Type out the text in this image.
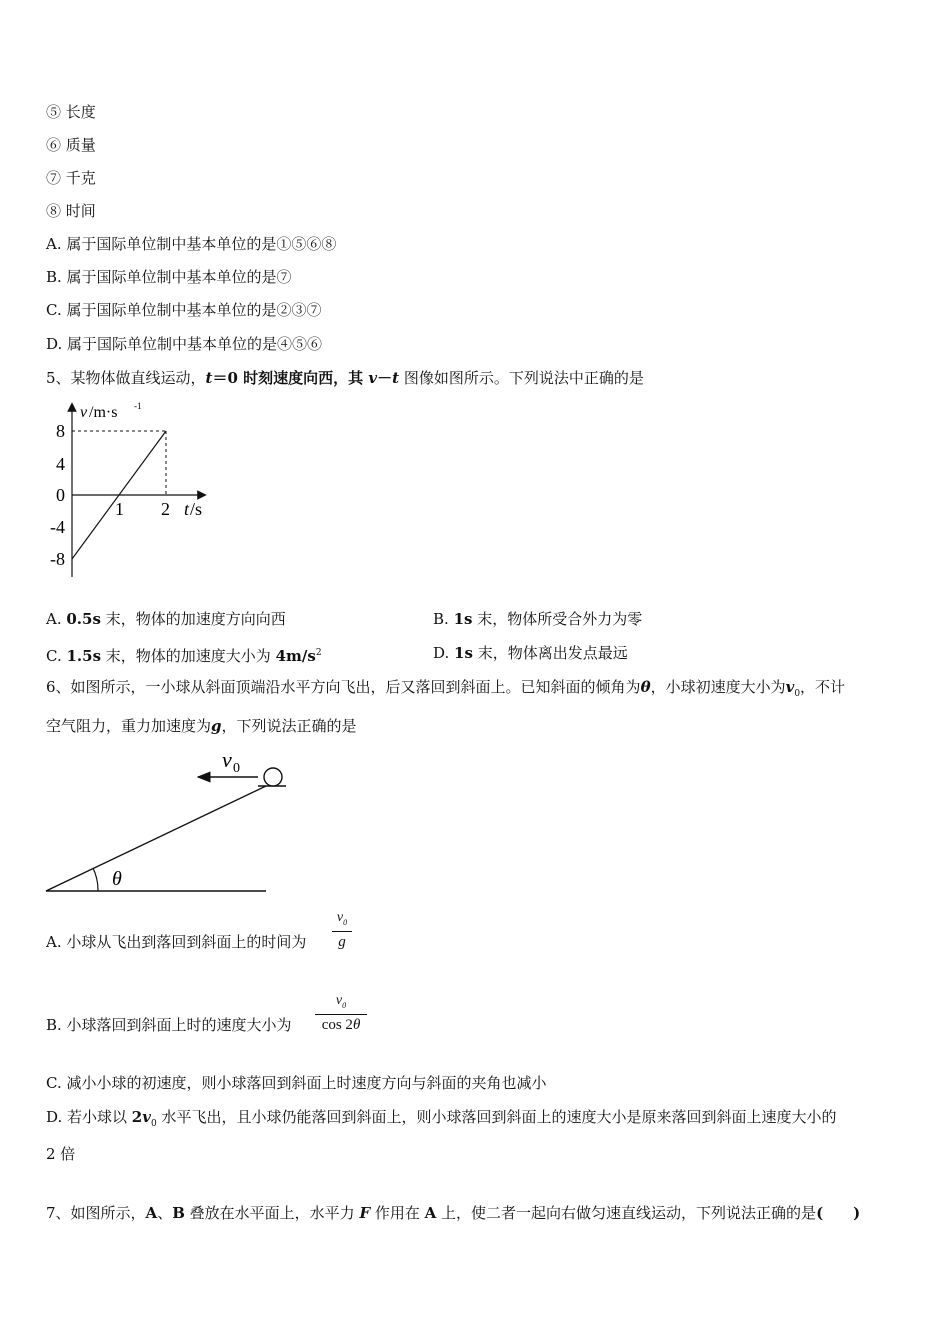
⑤ 长度
⑥ 质量
⑦ 千克
⑧ 时间
A. 属于国际单位制中基本单位的是①⑤⑥⑧
B. 属于国际单位制中基本单位的是⑦
C. 属于国际单位制中基本单位的是②③⑦
D. 属于国际单位制中基本单位的是④⑤⑥
5、某物体做直线运动，t＝0 时刻速度向西，其 v－t 图像如图所示。下列说法中正确的是
v /m·s -1
t /s
8
4
0
-4
-8
1 2
A. 0.5s 末，物体的加速度方向向西	B. 1s 末，物体所受合外力为零
C. 1.5s 末，物体的加速度大小为 $4m/s^2$	D. 1s 末，物体离出发点最远
6、如图所示，一小球从斜面顶端沿水平方向飞出，后又落回到斜面上。已知斜面的倾角为θ，小球初速度大小为$v_0$，不计
空气阻力，重力加速度为g，下列说法正确的是
v 0
θ
A. 小球从飞出到落回到斜面上的时间为
$v_0$
g
B. 小球落回到斜面上时的速度大小为
$v_0$
cos 2θ
C. 减小小球的初速度，则小球落回到斜面上时速度方向与斜面的夹角也减小
D. 若小球以 $2v_0$ 水平飞出，且小球仍能落回到斜面上，则小球落回到斜面上的速度大小是原来落回到斜面上速度大小的
2 倍
7、如图所示，A、B 叠放在水平面上，水平力 F 作用在 A 上，使二者一起向右做匀速直线运动，下列说法正确的是(　　)
